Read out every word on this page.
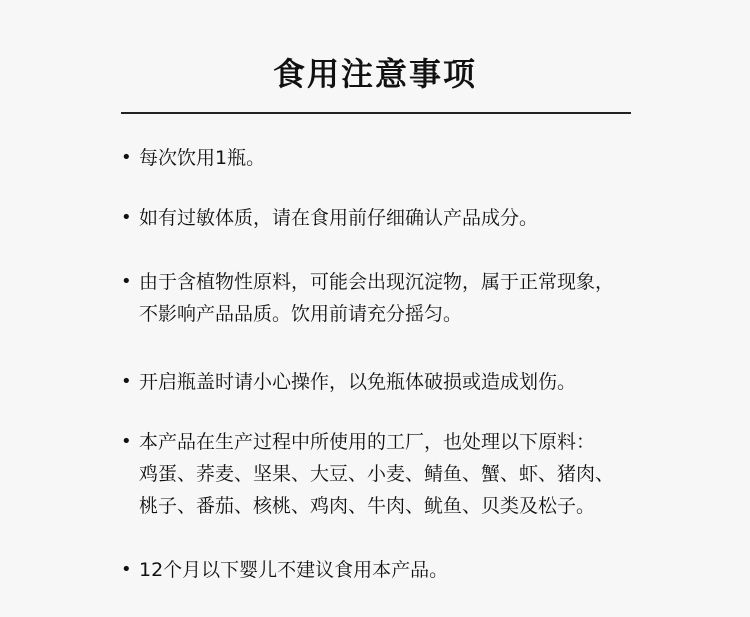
食用注意事项
• 每次饮用1瓶。
• 如有过敏体质，请在食用前仔细确认产品成分。
• 由于含植物性原料，可能会出现沉淀物，属于正常现象，
不影响产品品质。饮用前请充分摇匀。
• 开启瓶盖时请小心操作，以免瓶体破损或造成划伤。
• 本产品在生产过程中所使用的工厂，也处理以下原料：
鸡蛋、荞麦、坚果、大豆、小麦、鲭鱼、蟹、虾、猪肉、
桃子、番茄、核桃、鸡肉、牛肉、鱿鱼、贝类及松子。
• 12个月以下婴儿不建议食用本产品。
